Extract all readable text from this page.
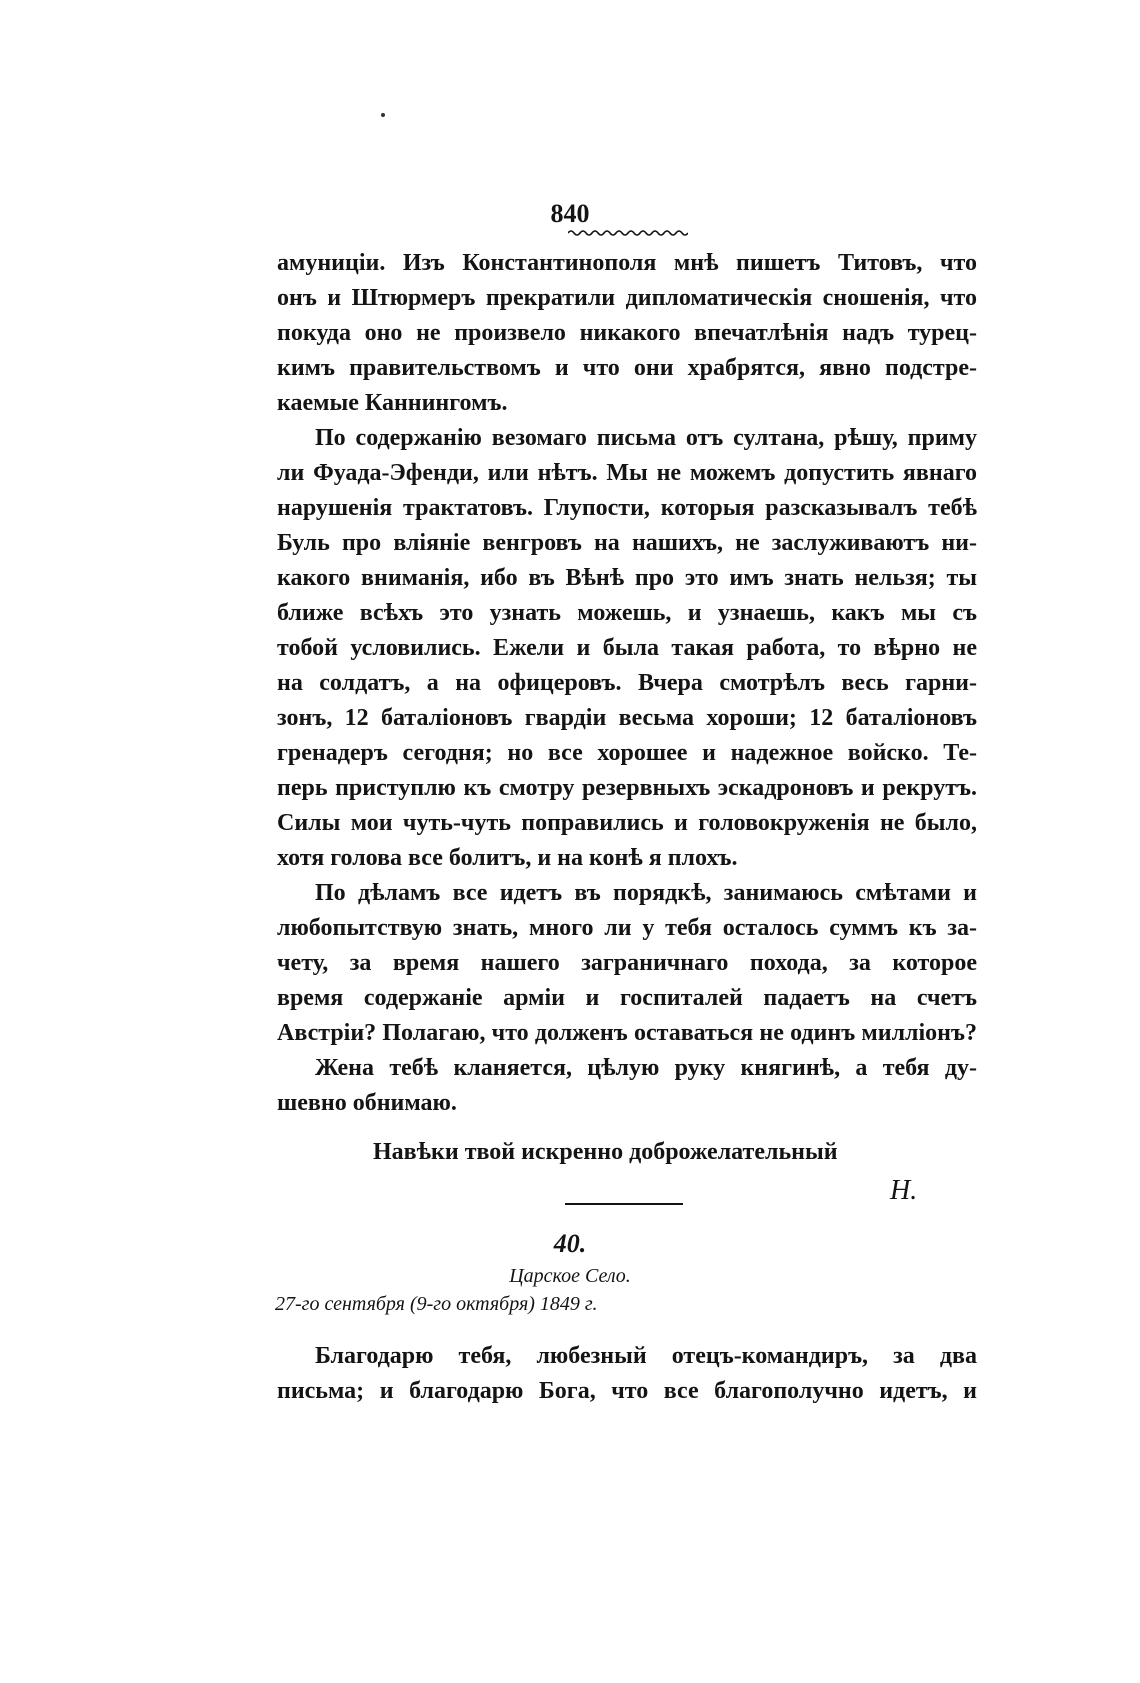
840
амуниціи. Изъ Константинополя мнѣ пишетъ Титовъ, что
онъ и Штюрмеръ прекратили дипломатическія сношенія, что
покуда оно не произвело никакого впечатлѣнія надъ турец-
кимъ правительствомъ и что они храбрятся, явно подстре-
каемые Каннингомъ.
По содержанію везомаго письма отъ султана, рѣшу, приму
ли Фуада-Эфенди, или нѣтъ. Мы не можемъ допустить явнаго
нарушенія трактатовъ. Глупости, которыя разсказывалъ тебѣ
Буль про вліяніе венгровъ на нашихъ, не заслуживаютъ ни-
какого вниманія, ибо въ Вѣнѣ про это имъ знать нельзя; ты
ближе всѣхъ это узнать можешь, и узнаешь, какъ мы съ
тобой условились. Ежели и была такая работа, то вѣрно не
на солдатъ, а на офицеровъ. Вчера смотрѣлъ весь гарни-
зонъ, 12 баталіоновъ гвардіи весьма хороши; 12 баталіоновъ
гренадеръ сегодня; но все хорошее и надежное войско. Те-
перь приступлю къ смотру резервныхъ эскадроновъ и рекрутъ.
Силы мои чуть-чуть поправились и головокруженія не было,
хотя голова все болитъ, и на конѣ я плохъ.
По дѣламъ все идетъ въ порядкѣ, занимаюсь смѣтами и
любопытствую знать, много ли у тебя осталось суммъ къ за-
чету, за время нашего заграничнаго похода, за которое
время содержаніе арміи и госпиталей падаетъ на счетъ
Австріи? Полагаю, что долженъ оставаться не одинъ милліонъ?
Жена тебѣ кланяется, цѣлую руку княгинѣ, а тебя ду-
шевно обнимаю.
Навѣки твой искренно доброжелательный
Н.
40.
Царское Село.
27-го сентября (9-го октября) 1849 г.
Благодарю тебя, любезный отецъ-командиръ, за два
письма; и благодарю Бога, что все благополучно идетъ, и
